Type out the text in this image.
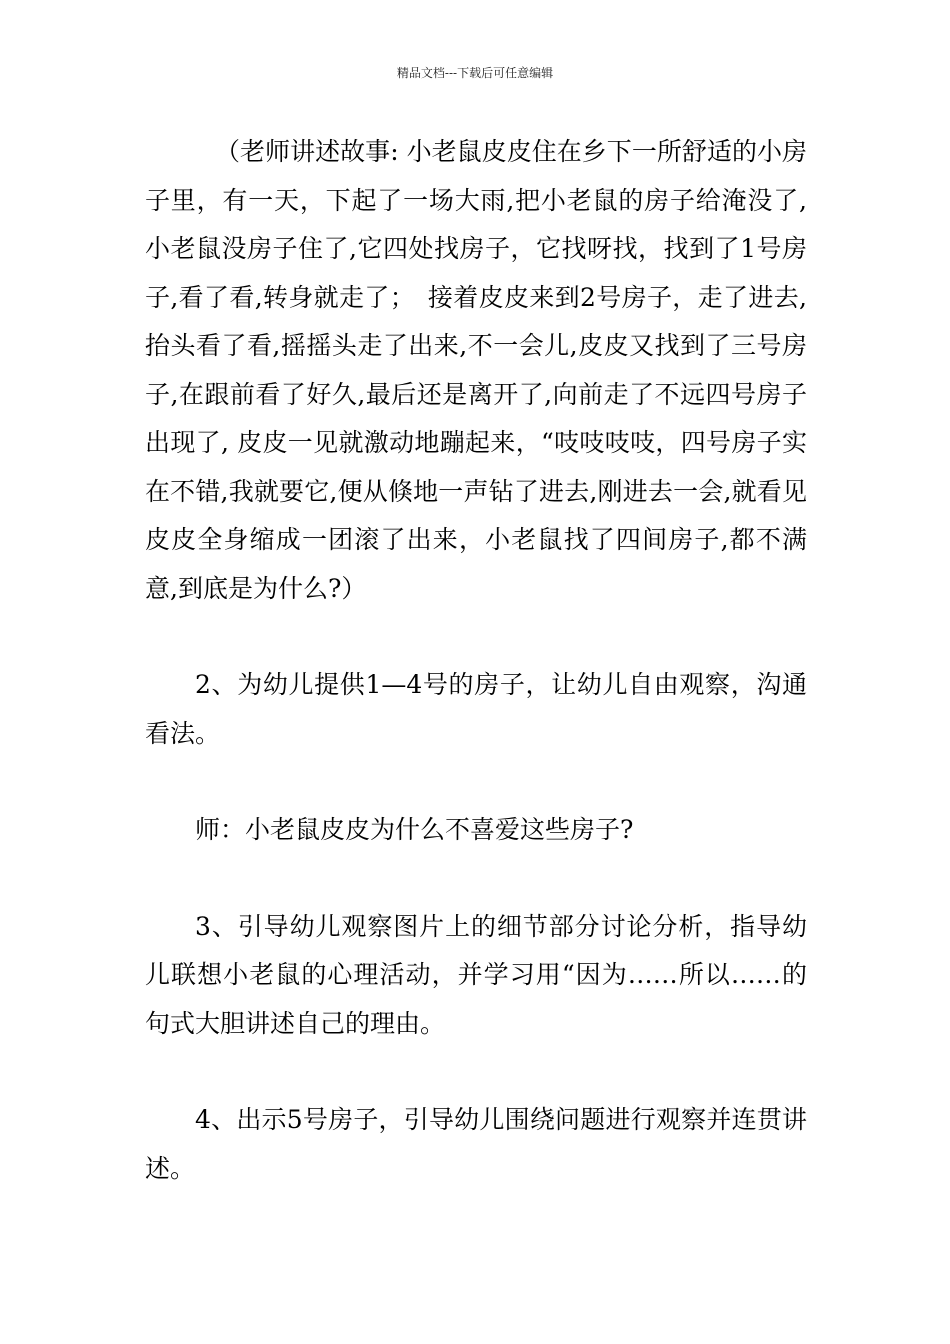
精品文档---下载后可任意编辑

（老师讲述故事: 小老鼠皮皮住在乡下一所舒适的小房子里，有一天，下起了一场大雨,把小老鼠的房子给淹没了,小老鼠没房子住了,它四处找房子，它找呀找，找到了1号房子,看了看,转身就走了；　接着皮皮来到2号房子，走了进去,抬头看了看,摇摇头走了出来,不一会儿,皮皮又找到了三号房子,在跟前看了好久,最后还是离开了,向前走了不远四号房子出现了, 皮皮一见就激动地蹦起来，“吱吱吱吱，四号房子实在不错,我就要它,便从倏地一声钻了进去,刚进去一会,就看见皮皮全身缩成一团滚了出来，小老鼠找了四间房子,都不满意,到底是为什么?）

2、为幼儿提供1—4号的房子，让幼儿自由观察，沟通看法。

师：小老鼠皮皮为什么不喜爱这些房子?

3、引导幼儿观察图片上的细节部分讨论分析，指导幼儿联想小老鼠的心理活动，并学习用“因为……所以……的句式大胆讲述自己的理由。

4、出示5号房子，引导幼儿围绕问题进行观察并连贯讲述。
